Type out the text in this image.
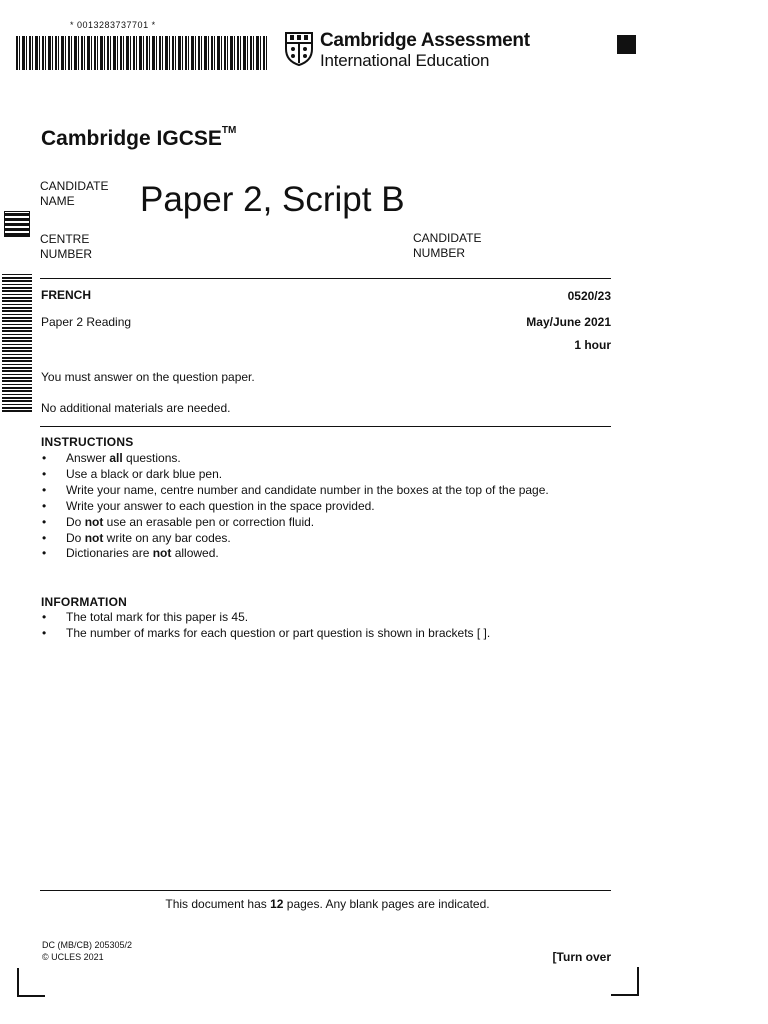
* 0013283737701 *
Cambridge Assessment
International Education
Cambridge IGCSE™
CANDIDATE
NAME	Paper 2, Script B
CENTRE
NUMBER
CANDIDATE
NUMBER
FRENCH	0520/23
Paper 2 Reading	May/June 2021
1 hour
You must answer on the question paper.
No additional materials are needed.
INSTRUCTIONS
• Answer all questions.
• Use a black or dark blue pen.
• Write your name, centre number and candidate number in the boxes at the top of the page.
• Write your answer to each question in the space provided.
• Do not use an erasable pen or correction fluid.
• Do not write on any bar codes.
• Dictionaries are not allowed.
INFORMATION
• The total mark for this paper is 45.
• The number of marks for each question or part question is shown in brackets [ ].
This document has 12 pages. Any blank pages are indicated.
DC (MB/CB) 205305/2
© UCLES 2021	[Turn over
